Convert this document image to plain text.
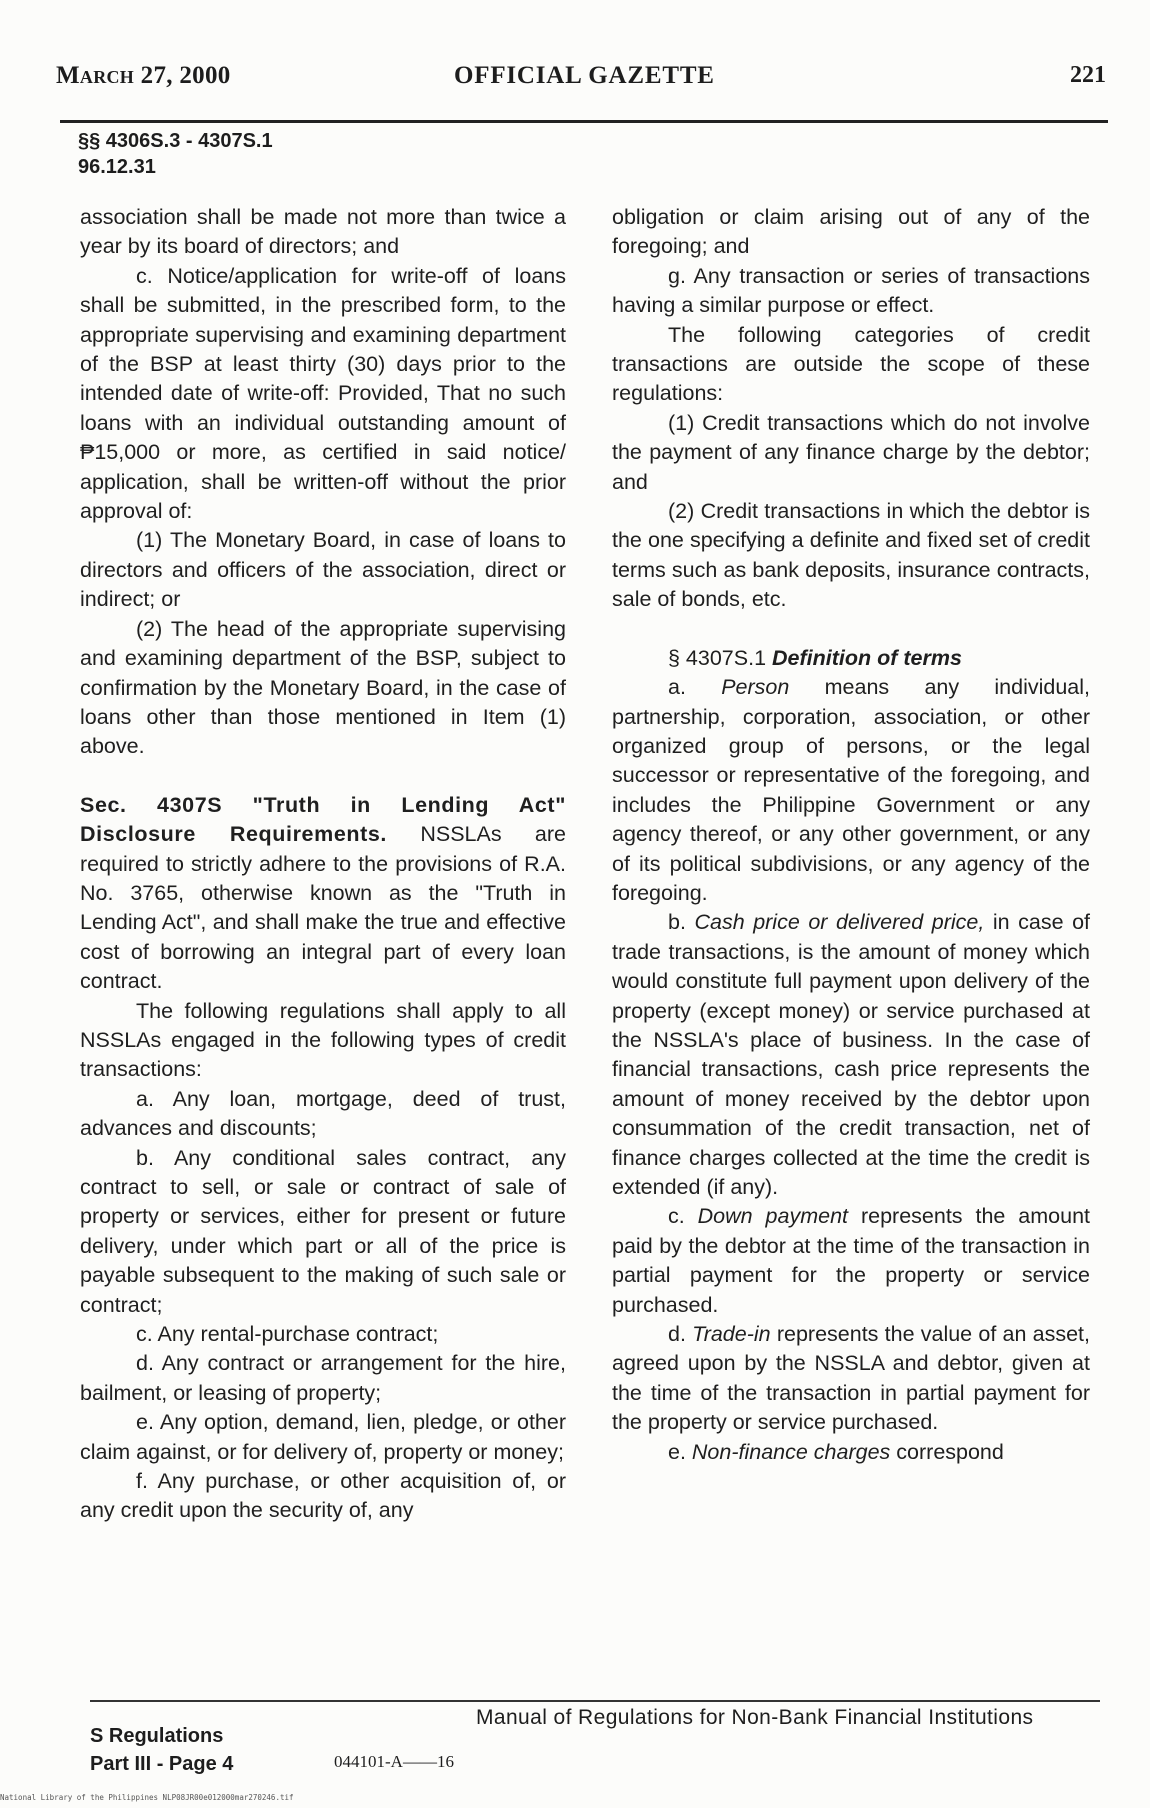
March 27, 2000	OFFICIAL GAZETTE	221
§§ 4306S.3 - 4307S.1
96.12.31

association shall be made not more than twice a year by its board of directors; and

c. Notice/application for write-off of loans shall be submitted, in the prescribed form, to the appropriate supervising and examining department of the BSP at least thirty (30) days prior to the intended date of write-off: Provided, That no such loans with an individual outstanding amount of ₱15,000 or more, as certified in said notice/ application, shall be written-off without the prior approval of:

(1) The Monetary Board, in case of loans to directors and officers of the association, direct or indirect; or

(2) The head of the appropriate supervising and examining department of the BSP, subject to confirmation by the Monetary Board, in the case of loans other than those mentioned in Item (1) above.

Sec. 4307S "Truth in Lending Act" Disclosure Requirements. NSSLAs are required to strictly adhere to the provisions of R.A. No. 3765, otherwise known as the "Truth in Lending Act", and shall make the true and effective cost of borrowing an integral part of every loan contract.

The following regulations shall apply to all NSSLAs engaged in the following types of credit transactions:

a. Any loan, mortgage, deed of trust, advances and discounts;

b. Any conditional sales contract, any contract to sell, or sale or contract of sale of property or services, either for present or future delivery, under which part or all of the price is payable subsequent to the making of such sale or contract;

c. Any rental-purchase contract;

d. Any contract or arrangement for the hire, bailment, or leasing of property;

e. Any option, demand, lien, pledge, or other claim against, or for delivery of, property or money;

f. Any purchase, or other acquisition of, or any credit upon the security of, any

obligation or claim arising out of any of the foregoing; and

g. Any transaction or series of transactions having a similar purpose or effect.

The following categories of credit transactions are outside the scope of these regulations:

(1) Credit transactions which do not involve the payment of any finance charge by the debtor; and

(2) Credit transactions in which the debtor is the one specifying a definite and fixed set of credit terms such as bank deposits, insurance contracts, sale of bonds, etc.

§ 4307S.1 Definition of terms

a. Person means any individual, partnership, corporation, association, or other organized group of persons, or the legal successor or representative of the foregoing, and includes the Philippine Government or any agency thereof, or any other government, or any of its political subdivisions, or any agency of the foregoing.

b. Cash price or delivered price, in case of trade transactions, is the amount of money which would constitute full payment upon delivery of the property (except money) or service purchased at the NSSLA's place of business. In the case of financial transactions, cash price represents the amount of money received by the debtor upon consummation of the credit transaction, net of finance charges collected at the time the credit is extended (if any).

c. Down payment represents the amount paid by the debtor at the time of the transaction in partial payment for the property or service purchased.

d. Trade-in represents the value of an asset, agreed upon by the NSSLA and debtor, given at the time of the transaction in partial payment for the property or service purchased.

e. Non-finance charges correspond

S Regulations
Part III - Page 4
Manual of Regulations for Non-Bank Financial Institutions
044101-A——16
National Library of the Philippines NLP08JR00e012000mar270246.tif
